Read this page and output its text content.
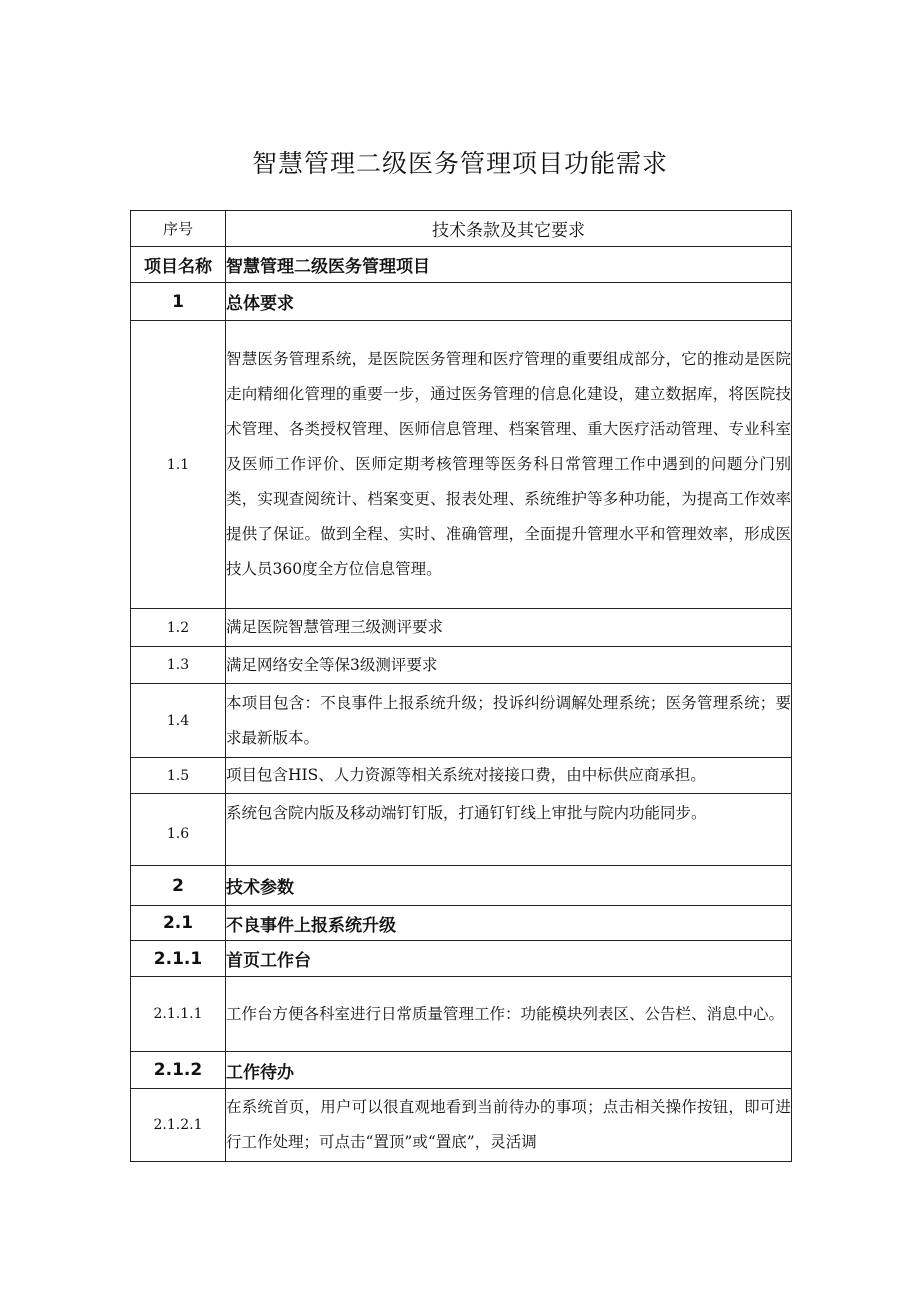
智慧管理二级医务管理项目功能需求
序号	技术条款及其它要求
项目名称	智慧管理二级医务管理项目
1	总体要求
1.1	智慧医务管理系统，是医院医务管理和医疗管理的重要组成部分，它的推动是医院走向精细化管理的重要一步，通过医务管理的信息化建设，建立数据库，将医院技术管理、各类授权管理、医师信息管理、档案管理、重大医疗活动管理、专业科室及医师工作评价、医师定期考核管理等医务科日常管理工作中遇到的问题分门别类，实现查阅统计、档案变更、报表处理、系统维护等多种功能，为提高工作效率提供了保证。做到全程、实时、准确管理，全面提升管理水平和管理效率，形成医技人员360度全方位信息管理。
1.2	满足医院智慧管理三级测评要求
1.3	满足网络安全等保3级测评要求
1.4	本项目包含：不良事件上报系统升级；投诉纠纷调解处理系统；医务管理系统；要求最新版本。
1.5	项目包含HIS、人力资源等相关系统对接接口费，由中标供应商承担。
1.6	系统包含院内版及移动端钉钉版，打通钉钉线上审批与院内功能同步。
2	技术参数
2.1	不良事件上报系统升级
2.1.1	首页工作台
2.1.1.1	工作台方便各科室进行日常质量管理工作：功能模块列表区、公告栏、消息中心。
2.1.2	工作待办
2.1.2.1	在系统首页，用户可以很直观地看到当前待办的事项；点击相关操作按钮，即可进行工作处理；可点击“置顶”或“置底”，灵活调
